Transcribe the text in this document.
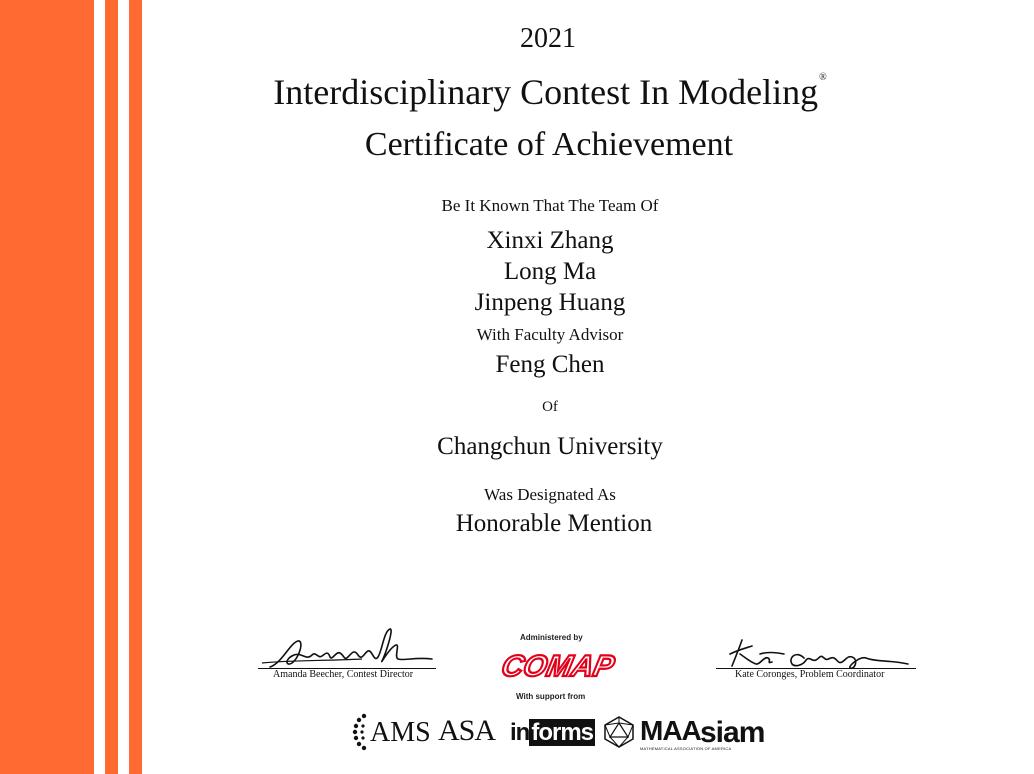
2021
Interdisciplinary Contest In Modeling®
Certificate of Achievement
Be It Known That The Team Of
Xinxi Zhang
Long Ma
Jinpeng Huang
With Faculty Advisor
Feng Chen
Of
Changchun University
Was Designated As
Honorable Mention
Amanda Beecher, Contest Director
Administered by
COMAP
With support from
Kate Coronges, Problem Coordinator
AMS ASA informs MAA
MATHEMATICAL ASSOCIATION OF AMERICA
siam
